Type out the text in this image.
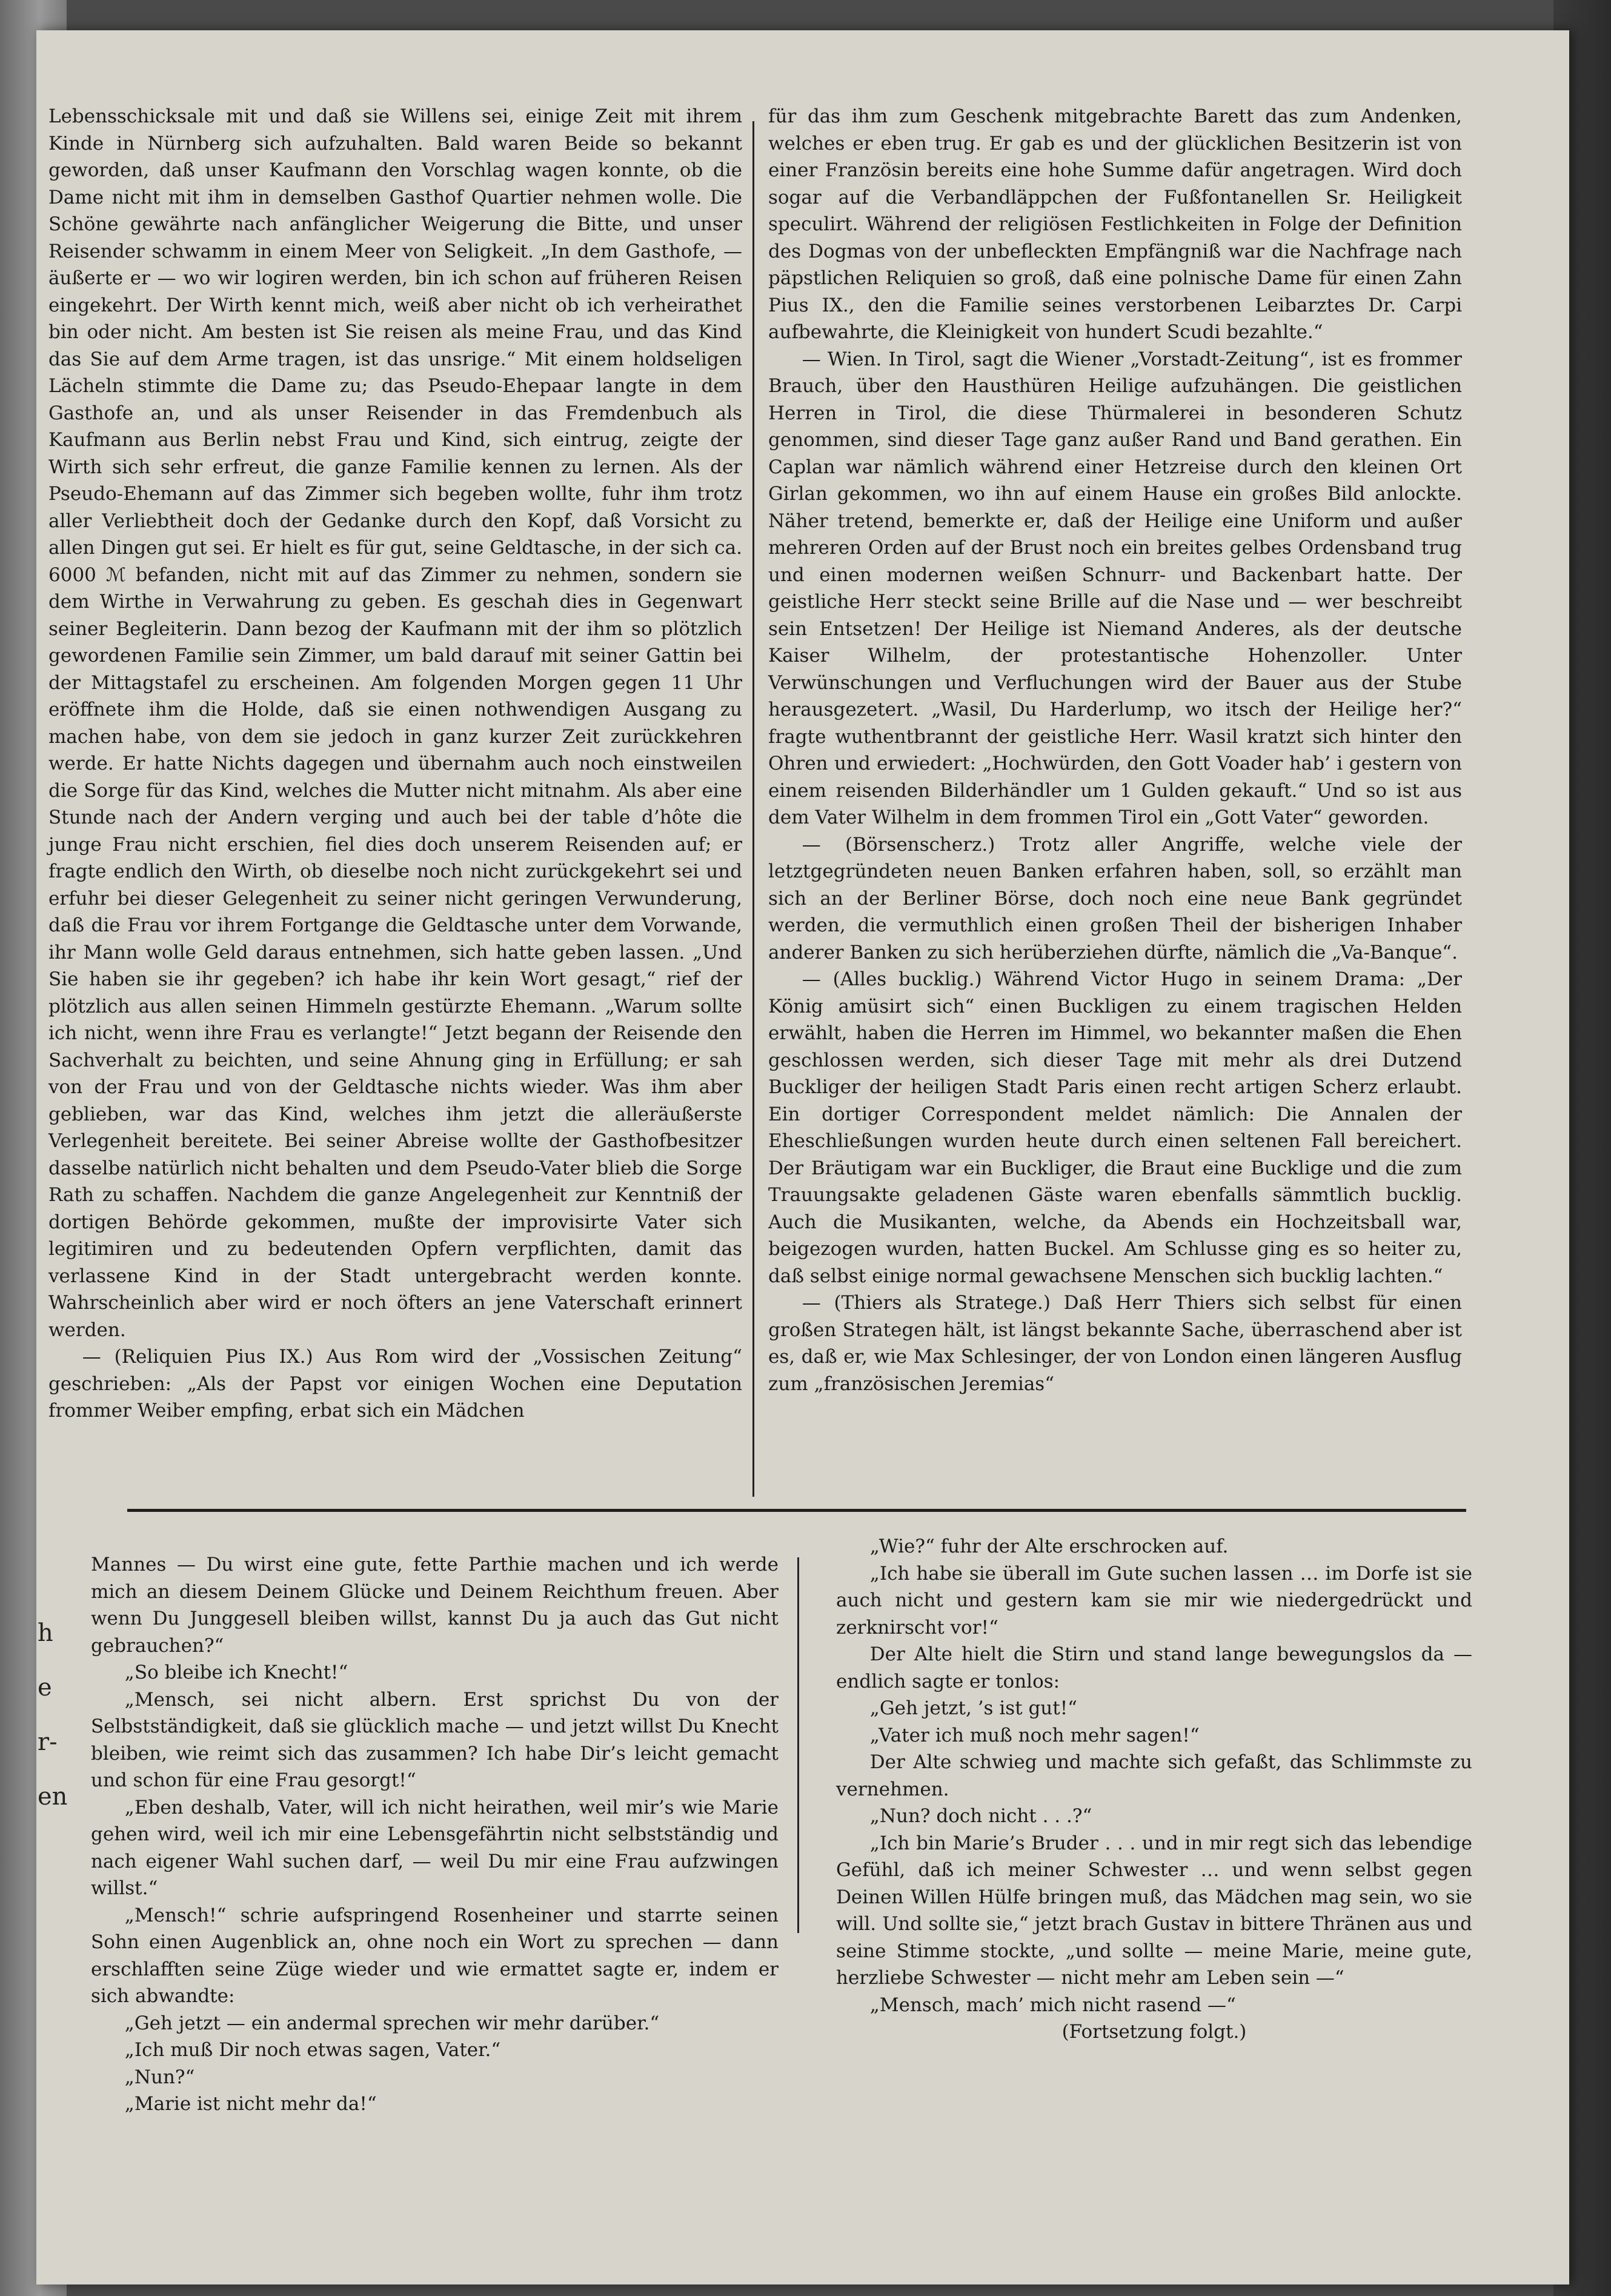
h
e
r-
en

Lebensschicksale mit und daß sie Willens sei, einige Zeit mit ihrem Kinde in Nürnberg sich aufzuhalten. Bald waren Beide so bekannt geworden, daß unser Kaufmann den Vorschlag wagen konnte, ob die Dame nicht mit ihm in demselben Gasthof Quartier nehmen wolle. Die Schöne gewährte nach anfänglicher Weigerung die Bitte, und unser Reisender schwamm in einem Meer von Seligkeit. „In dem Gasthofe, — äußerte er — wo wir logiren werden, bin ich schon auf früheren Reisen eingekehrt. Der Wirth kennt mich, weiß aber nicht ob ich verheirathet bin oder nicht. Am besten ist Sie reisen als meine Frau, und das Kind das Sie auf dem Arme tragen, ist das unsrige.“ Mit einem holdseligen Lächeln stimmte die Dame zu; das Pseudo-Ehepaar langte in dem Gasthofe an, und als unser Reisender in das Fremdenbuch als Kaufmann aus Berlin nebst Frau und Kind, sich eintrug, zeigte der Wirth sich sehr erfreut, die ganze Familie kennen zu lernen. Als der Pseudo-Ehemann auf das Zimmer sich begeben wollte, fuhr ihm trotz aller Verliebtheit doch der Gedanke durch den Kopf, daß Vorsicht zu allen Dingen gut sei. Er hielt es für gut, seine Geldtasche, in der sich ca. 6000 ℳ befanden, nicht mit auf das Zimmer zu nehmen, sondern sie dem Wirthe in Verwahrung zu geben. Es geschah dies in Gegenwart seiner Begleiterin. Dann bezog der Kaufmann mit der ihm so plötzlich gewordenen Familie sein Zimmer, um bald darauf mit seiner Gattin bei der Mittagstafel zu erscheinen. Am folgenden Morgen gegen 11 Uhr eröffnete ihm die Holde, daß sie einen nothwendigen Ausgang zu machen habe, von dem sie jedoch in ganz kurzer Zeit zurückkehren werde. Er hatte Nichts dagegen und übernahm auch noch einstweilen die Sorge für das Kind, welches die Mutter nicht mitnahm. Als aber eine Stunde nach der Andern verging und auch bei der table d’hôte die junge Frau nicht erschien, fiel dies doch unserem Reisenden auf; er fragte endlich den Wirth, ob dieselbe noch nicht zurückgekehrt sei und erfuhr bei dieser Gelegenheit zu seiner nicht geringen Verwunderung, daß die Frau vor ihrem Fortgange die Geldtasche unter dem Vorwande, ihr Mann wolle Geld daraus entnehmen, sich hatte geben lassen. „Und Sie haben sie ihr gegeben? ich habe ihr kein Wort gesagt,“ rief der plötzlich aus allen seinen Himmeln gestürzte Ehemann. „Warum sollte ich nicht, wenn ihre Frau es verlangte!“ Jetzt begann der Reisende den Sachverhalt zu beichten, und seine Ahnung ging in Erfüllung; er sah von der Frau und von der Geldtasche nichts wieder. Was ihm aber geblieben, war das Kind, welches ihm jetzt die alleräußerste Verlegenheit bereitete. Bei seiner Abreise wollte der Gasthofbesitzer dasselbe natürlich nicht behalten und dem Pseudo-Vater blieb die Sorge Rath zu schaffen. Nachdem die ganze Angelegenheit zur Kenntniß der dortigen Behörde gekommen, mußte der improvisirte Vater sich legitimiren und zu bedeutenden Opfern verpflichten, damit das verlassene Kind in der Stadt untergebracht werden konnte. Wahrscheinlich aber wird er noch öfters an jene Vaterschaft erinnert werden.

— (Reliquien Pius IX.) Aus Rom wird der „Vossischen Zeitung“ geschrieben: „Als der Papst vor einigen Wochen eine Deputation frommer Weiber empfing, erbat sich ein Mädchen

für das ihm zum Geschenk mitgebrachte Barett das zum Andenken, welches er eben trug. Er gab es und der glücklichen Besitzerin ist von einer Französin bereits eine hohe Summe dafür angetragen. Wird doch sogar auf die Verbandläppchen der Fußfontanellen Sr. Heiligkeit speculirt. Während der religiösen Festlichkeiten in Folge der Definition des Dogmas von der unbefleckten Empfängniß war die Nachfrage nach päpstlichen Reliquien so groß, daß eine polnische Dame für einen Zahn Pius IX., den die Familie seines verstorbenen Leibarztes Dr. Carpi aufbewahrte, die Kleinigkeit von hundert Scudi bezahlte.“

— Wien. In Tirol, sagt die Wiener „Vorstadt-Zeitung“, ist es frommer Brauch, über den Hausthüren Heilige aufzuhängen. Die geistlichen Herren in Tirol, die diese Thürmalerei in besonderen Schutz genommen, sind dieser Tage ganz außer Rand und Band gerathen. Ein Caplan war nämlich während einer Hetzreise durch den kleinen Ort Girlan gekommen, wo ihn auf einem Hause ein großes Bild anlockte. Näher tretend, bemerkte er, daß der Heilige eine Uniform und außer mehreren Orden auf der Brust noch ein breites gelbes Ordensband trug und einen modernen weißen Schnurr- und Backenbart hatte. Der geistliche Herr steckt seine Brille auf die Nase und — wer beschreibt sein Entsetzen! Der Heilige ist Niemand Anderes, als der deutsche Kaiser Wilhelm, der protestantische Hohenzoller. Unter Verwünschungen und Verfluchungen wird der Bauer aus der Stube herausgezetert. „Wasil, Du Harderlump, wo itsch der Heilige her?“ fragte wuthentbrannt der geistliche Herr. Wasil kratzt sich hinter den Ohren und erwiedert: „Hochwürden, den Gott Voader hab’ i gestern von einem reisenden Bilderhändler um 1 Gulden gekauft.“ Und so ist aus dem Vater Wilhelm in dem frommen Tirol ein „Gott Vater“ geworden.

— (Börsenscherz.) Trotz aller Angriffe, welche viele der letztgegründeten neuen Banken erfahren haben, soll, so erzählt man sich an der Berliner Börse, doch noch eine neue Bank gegründet werden, die vermuthlich einen großen Theil der bisherigen Inhaber anderer Banken zu sich herüberziehen dürfte, nämlich die „Va-Banque“.

— (Alles bucklig.) Während Victor Hugo in seinem Drama: „Der König amüsirt sich“ einen Buckligen zu einem tragischen Helden erwählt, haben die Herren im Himmel, wo bekannter maßen die Ehen geschlossen werden, sich dieser Tage mit mehr als drei Dutzend Buckliger der heiligen Stadt Paris einen recht artigen Scherz erlaubt. Ein dortiger Correspondent meldet nämlich: Die Annalen der Eheschließungen wurden heute durch einen seltenen Fall bereichert. Der Bräutigam war ein Buckliger, die Braut eine Bucklige und die zum Trauungsakte geladenen Gäste waren ebenfalls sämmtlich bucklig. Auch die Musikanten, welche, da Abends ein Hochzeitsball war, beigezogen wurden, hatten Buckel. Am Schlusse ging es so heiter zu, daß selbst einige normal gewachsene Menschen sich bucklig lachten.“

— (Thiers als Stratege.) Daß Herr Thiers sich selbst für einen großen Strategen hält, ist längst bekannte Sache, überraschend aber ist es, daß er, wie Max Schlesinger, der von London einen längeren Ausflug zum „französischen Jeremias“

Mannes — Du wirst eine gute, fette Parthie machen und ich werde mich an diesem Deinem Glücke und Deinem Reichthum freuen. Aber wenn Du Junggesell bleiben willst, kannst Du ja auch das Gut nicht gebrauchen?“

„So bleibe ich Knecht!“

„Mensch, sei nicht albern. Erst sprichst Du von der Selbstständigkeit, daß sie glücklich mache — und jetzt willst Du Knecht bleiben, wie reimt sich das zusammen? Ich habe Dir’s leicht gemacht und schon für eine Frau gesorgt!“

„Eben deshalb, Vater, will ich nicht heirathen, weil mir’s wie Marie gehen wird, weil ich mir eine Lebensgefährtin nicht selbstständig und nach eigener Wahl suchen darf, — weil Du mir eine Frau aufzwingen willst.“

„Mensch!“ schrie aufspringend Rosenheiner und starrte seinen Sohn einen Augenblick an, ohne noch ein Wort zu sprechen — dann erschlafften seine Züge wieder und wie ermattet sagte er, indem er sich abwandte:

„Geh jetzt — ein andermal sprechen wir mehr darüber.“

„Ich muß Dir noch etwas sagen, Vater.“

„Nun?“

„Marie ist nicht mehr da!“

„Wie?“ fuhr der Alte erschrocken auf.

„Ich habe sie überall im Gute suchen lassen … im Dorfe ist sie auch nicht und gestern kam sie mir wie niedergedrückt und zerknirscht vor!“

Der Alte hielt die Stirn und stand lange bewegungslos da — endlich sagte er tonlos:

„Geh jetzt, ’s ist gut!“

„Vater ich muß noch mehr sagen!“

Der Alte schwieg und machte sich gefaßt, das Schlimmste zu vernehmen.

„Nun? doch nicht . . .?“

„Ich bin Marie’s Bruder . . . und in mir regt sich das lebendige Gefühl, daß ich meiner Schwester … und wenn selbst gegen Deinen Willen Hülfe bringen muß, das Mädchen mag sein, wo sie will. Und sollte sie,“ jetzt brach Gustav in bittere Thränen aus und seine Stimme stockte, „und sollte — meine Marie, meine gute, herzliebe Schwester — nicht mehr am Leben sein —“

„Mensch, mach’ mich nicht rasend —“

(Fortsetzung folgt.)
